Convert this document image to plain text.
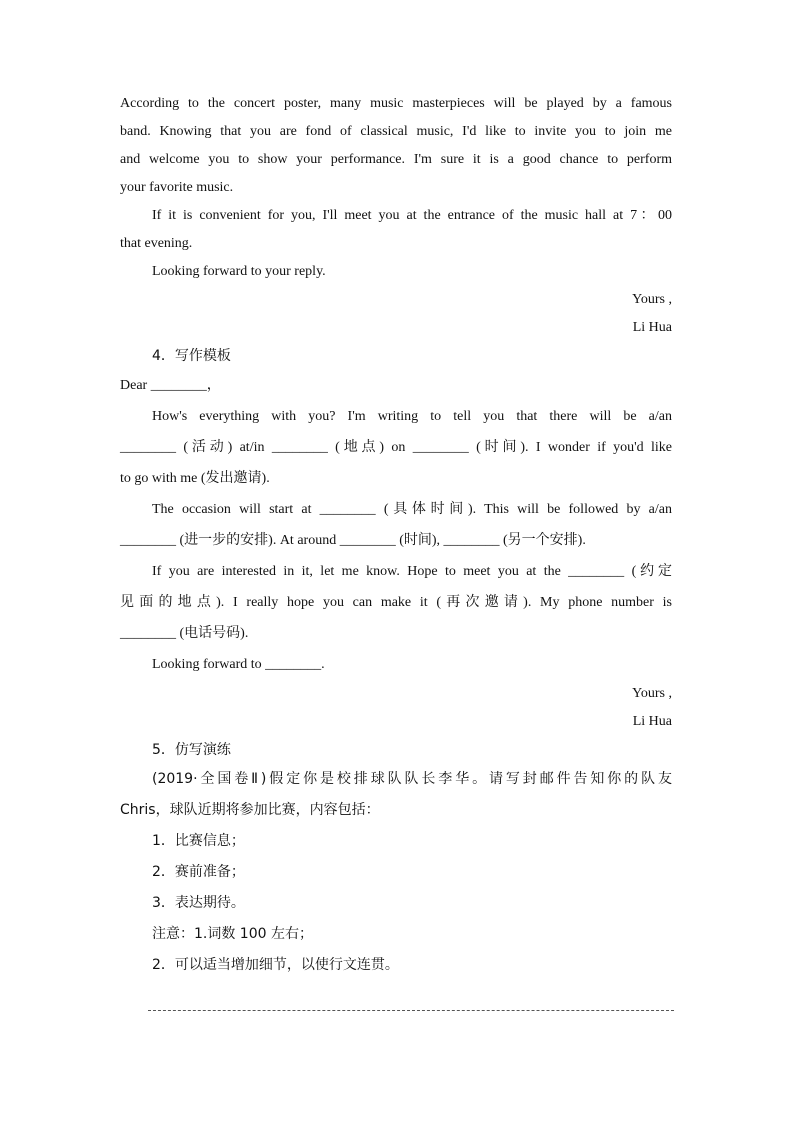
According to the concert poster, many music masterpieces will be played by a famous
band. Knowing that you are fond of classical music, I'd like to invite you to join me
and welcome you to show your performance. I'm sure it is a good chance to perform
your favorite music.
If it is convenient for you, I'll meet you at the entrance of the music hall at 7：00
that evening.
Looking forward to your reply.
Yours ,
Li Hua
4．写作模板
Dear ________，
How's everything with you? I'm writing to tell you that there will be a/an
________ (活动) at/in ________ (地点) on ________ (时间). I wonder if you'd like
to go with me (发出邀请).
The occasion will start at ________ (具体时间). This will be followed by a/an
________ (进一步的安排). At around ________ (时间), ________ (另一个安排).
If you are interested in it, let me know. Hope to meet you at the ________ (约定
见面的地点). I really hope you can make it (再次邀请). My phone number is
________ (电话号码).
Looking forward to ________.
Yours ,
Li Hua
5．仿写演练
(2019·全国卷Ⅱ)假定你是校排球队队长李华。请写封邮件告知你的队友
Chris，球队近期将参加比赛，内容包括：
1．比赛信息；
2．赛前准备；
3．表达期待。
注意：1.词数 100 左右；
2．可以适当增加细节，以使行文连贯。
